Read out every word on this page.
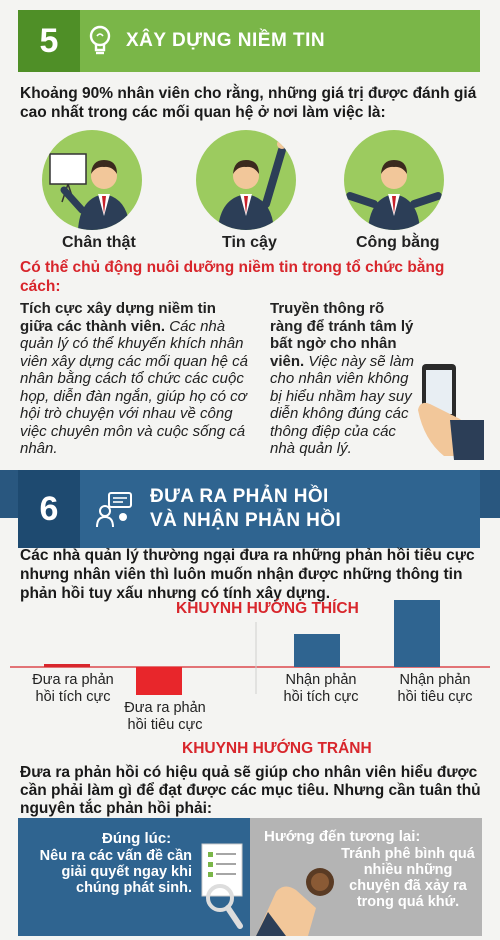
5	XÂY DỰNG NIỀM TIN
Khoảng 90% nhân viên cho rằng, những giá trị được đánh giá cao nhất trong các mối quan hệ ở nơi làm việc là:
Chân thật	Tin cậy	Công bằng
Có thể chủ động nuôi dưỡng niềm tin trong tổ chức bằng cách:
Tích cực xây dựng niềm tin giữa các thành viên. Các nhà quản lý có thể khuyến khích nhân viên xây dựng các mối quan hệ cá nhân bằng cách tổ chức các cuộc họp, diễn đàn ngắn, giúp họ có cơ hội trò chuyện với nhau về công việc chuyên môn và cuộc sống cá nhân.
Truyền thông rõ ràng để tránh tâm lý bất ngờ cho nhân viên. Việc này sẽ làm cho nhân viên không bị hiểu nhầm hay suy diễn không đúng các thông điệp của các nhà quản lý.
6	ĐƯA RA PHẢN HỒI
VÀ NHẬN PHẢN HỒI
Các nhà quản lý thường ngại đưa ra những phản hồi tiêu cực nhưng nhân viên thì luôn muốn nhận được những thông tin phản hồi tuy xấu nhưng có tính xây dựng.
KHUYNH HƯỚNG THÍCH
Đưa ra phản
hồi tích cực
Đưa ra phản
hồi tiêu cực
Nhận phản
hồi tích cực
Nhận phản
hồi tiêu cực
KHUYNH HƯỚNG TRÁNH
Đưa ra phản hồi có hiệu quả sẽ giúp cho nhân viên hiểu được cần phải làm gì để đạt được các mục tiêu. Nhưng cần tuân thủ nguyên tắc phản hồi phải:
Đúng lúc:
Nêu ra các vấn đề cần giải quyết ngay khi chúng phát sinh.
Hướng đến tương lai:
Tránh phê bình quá nhiều những chuyện đã xảy ra trong quá khứ.
